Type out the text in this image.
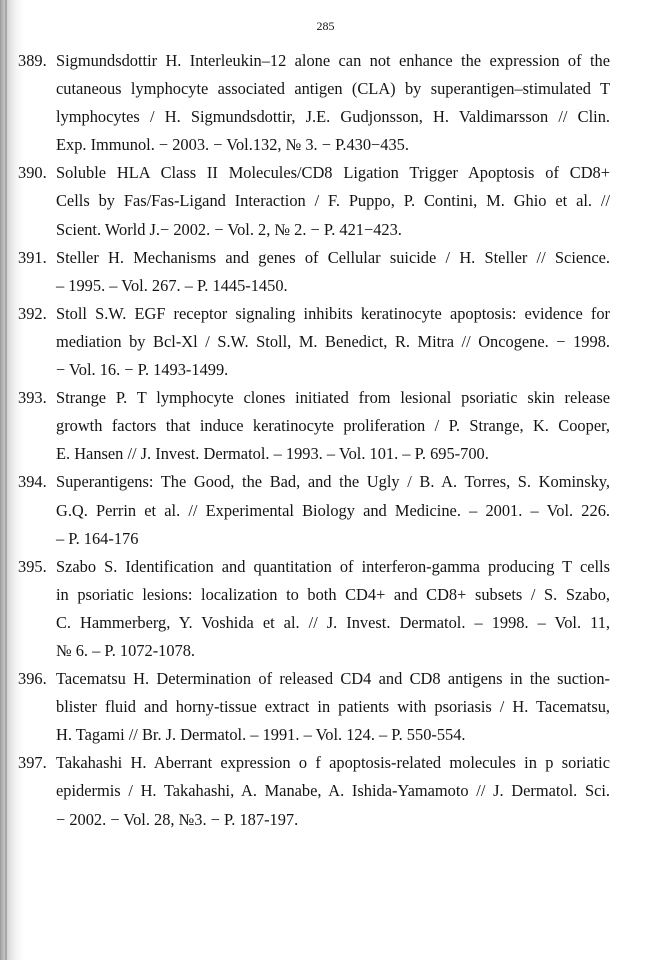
285
389. Sigmundsdottir H. Interleukin–12 alone can not enhance the expression of the
cutaneous lymphocyte associated antigen (CLA) by superantigen–stimulated T
lymphocytes / H. Sigmundsdottir, J.E. Gudjonsson, H. Valdimarsson // Clin.
Exp. Immunol. − 2003. − Vol.132, № 3. − P.430−435.
390. Soluble HLA Class II Molecules/CD8 Ligation Trigger Apoptosis of CD8+
Cells by Fas/Fas-Ligand Interaction / F. Puppo, P. Contini, M. Ghio et al. //
Scient. World J.− 2002. − Vol. 2, № 2. − P. 421−423.
391. Steller H. Mechanisms and genes of Cellular suicide / H. Steller // Science.
– 1995. – Vol. 267. – P. 1445-1450.
392. Stoll S.W. EGF receptor signaling inhibits keratinocyte apoptosis: evidence for
mediation by Bcl-Xl / S.W. Stoll, M. Benedict, R. Mitra // Oncogene. − 1998.
− Vol. 16. − P. 1493-1499.
393. Strange P. T lymphocyte clones initiated from lesional psoriatic skin release
growth factors that induce keratinocyte proliferation / P. Strange, K. Cooper,
E. Hansen // J. Invest. Dermatol. – 1993. – Vol. 101. – P. 695-700.
394. Superantigens: The Good, the Bad, and the Ugly / B. A. Torres, S. Kominsky,
G.Q. Perrin et al. // Experimental Biology and Medicine. – 2001. – Vol. 226.
– P. 164-176
395. Szabo S. Identification and quantitation of interferon-gamma producing T cells
in psoriatic lesions: localization to both CD4+ and CD8+ subsets / S. Szabo,
C. Hammerberg, Y. Voshida et al. // J. Invest. Dermatol. – 1998. – Vol. 11,
№ 6. – P. 1072-1078.
396. Tacematsu H. Determination of released CD4 and CD8 antigens in the suction-
blister fluid and horny-tissue extract in patients with psoriasis / H. Tacematsu,
H. Tagami // Br. J. Dermatol. – 1991. – Vol. 124. – P. 550-554.
397. Takahashi H. Aberrant expression o f apoptosis-related molecules in p soriatic
epidermis / H. Takahashi, A. Manabe, A. Ishida-Yamamoto // J. Dermatol. Sci.
− 2002. − Vol. 28, №3. − P. 187-197.
